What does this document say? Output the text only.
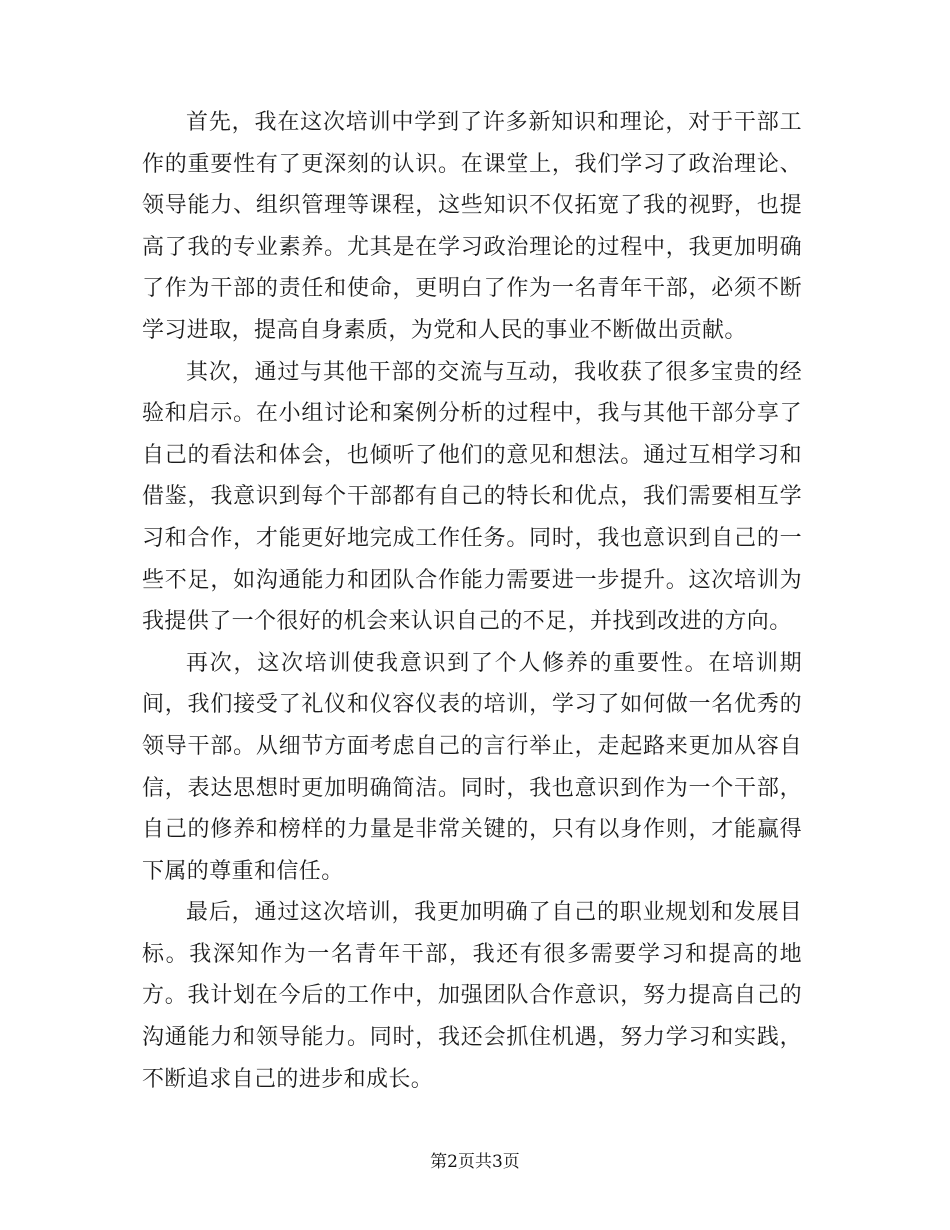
首先，我在这次培训中学到了许多新知识和理论，对于干部工作的重要性有了更深刻的认识。在课堂上，我们学习了政治理论、领导能力、组织管理等课程，这些知识不仅拓宽了我的视野，也提高了我的专业素养。尤其是在学习政治理论的过程中，我更加明确了作为干部的责任和使命，更明白了作为一名青年干部，必须不断学习进取，提高自身素质，为党和人民的事业不断做出贡献。

其次，通过与其他干部的交流与互动，我收获了很多宝贵的经验和启示。在小组讨论和案例分析的过程中，我与其他干部分享了自己的看法和体会，也倾听了他们的意见和想法。通过互相学习和借鉴，我意识到每个干部都有自己的特长和优点，我们需要相互学习和合作，才能更好地完成工作任务。同时，我也意识到自己的一些不足，如沟通能力和团队合作能力需要进一步提升。这次培训为我提供了一个很好的机会来认识自己的不足，并找到改进的方向。

再次，这次培训使我意识到了个人修养的重要性。在培训期间，我们接受了礼仪和仪容仪表的培训，学习了如何做一名优秀的领导干部。从细节方面考虑自己的言行举止，走起路来更加从容自信，表达思想时更加明确简洁。同时，我也意识到作为一个干部，自己的修养和榜样的力量是非常关键的，只有以身作则，才能赢得下属的尊重和信任。

最后，通过这次培训，我更加明确了自己的职业规划和发展目标。我深知作为一名青年干部，我还有很多需要学习和提高的地方。我计划在今后的工作中，加强团队合作意识，努力提高自己的沟通能力和领导能力。同时，我还会抓住机遇，努力学习和实践，不断追求自己的进步和成长。

第2页共3页
